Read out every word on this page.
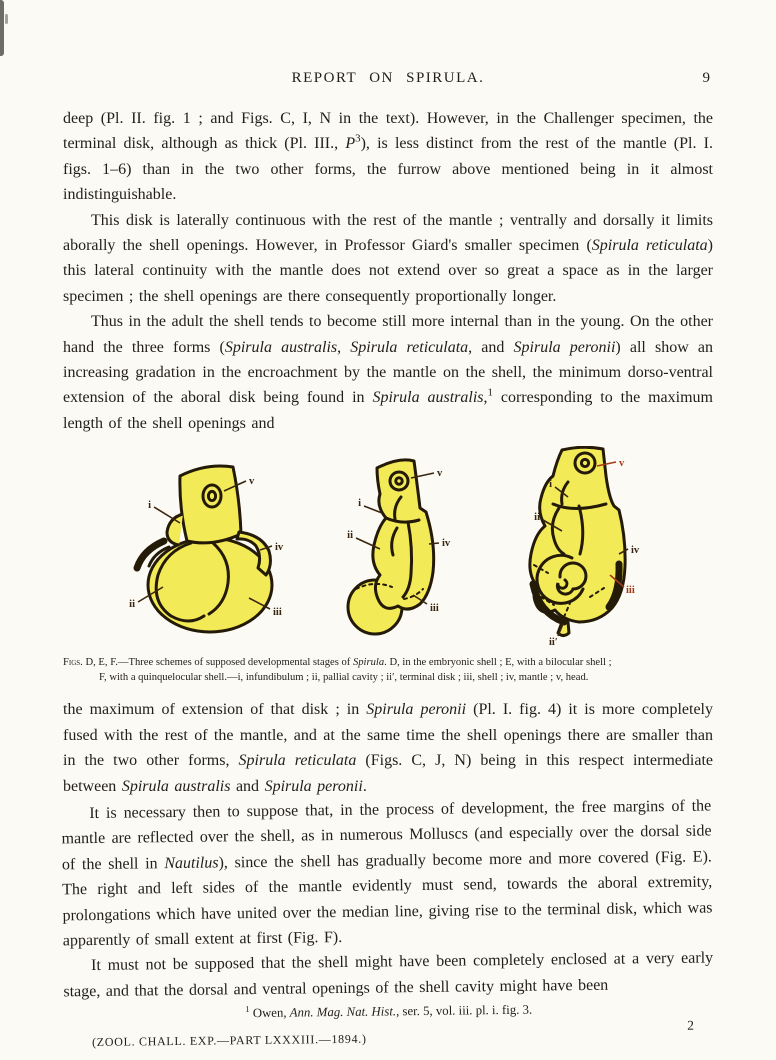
REPORT ON SPIRULA.	9

deep (Pl. II. fig. 1 ; and Figs. C, I, N in the text). However, in the Challenger specimen, the terminal disk, although as thick (Pl. III., $P^3$), is less distinct from the rest of the mantle (Pl. I. figs. 1–6) than in the two other forms, the furrow above mentioned being in it almost indistinguishable.

This disk is laterally continuous with the rest of the mantle ; ventrally and dorsally it limits aborally the shell openings. However, in Professor Giard's smaller specimen (Spirula reticulata) this lateral continuity with the mantle does not extend over so great a space as in the larger specimen ; the shell openings are there consequently proportionally longer.

Thus in the adult the shell tends to become still more internal than in the young. On the other hand the three forms (Spirula australis, Spirula reticulata, and Spirula peronii) all show an increasing gradation in the encroachment by the mantle on the shell, the minimum dorso-ventral extension of the aboral disk being found in Spirula australis,$^1$ corresponding to the maximum length of the shell openings and

v
i
iv
ii
iii
i
ii
v
iv
iii
i
ii
v
iv
iii
ii′
Figs. D, E, F.—Three schemes of supposed developmental stages of Spirula. D, in the embryonic shell ; E, with a bilocular shell ;
F, with a quinquelocular shell.—i, infundibulum ; ii, pallial cavity ; ii′, terminal disk ; iii, shell ; iv, mantle ; v, head.

the maximum of extension of that disk ; in Spirula peronii (Pl. I. fig. 4) it is more completely fused with the rest of the mantle, and at the same time the shell openings there are smaller than in the two other forms, Spirula reticulata (Figs. C, J, N) being in this respect intermediate between Spirula australis and Spirula peronii.

It is necessary then to suppose that, in the process of development, the free margins of the mantle are reflected over the shell, as in numerous Molluscs (and especially over the dorsal side of the shell in Nautilus), since the shell has gradually become more and more covered (Fig. E). The right and left sides of the mantle evidently must send, towards the aboral extremity, prolongations which have united over the median line, giving rise to the terminal disk, which was apparently of small extent at first (Fig. F).

It must not be supposed that the shell might have been completely enclosed at a very early stage, and that the dorsal and ventral openings of the shell cavity might have been

$^1$ Owen, Ann. Mag. Nat. Hist., ser. 5, vol. iii. pl. i. fig. 3.
(ZOOL. CHALL. EXP.—PART LXXXIII.—1894.)
2
